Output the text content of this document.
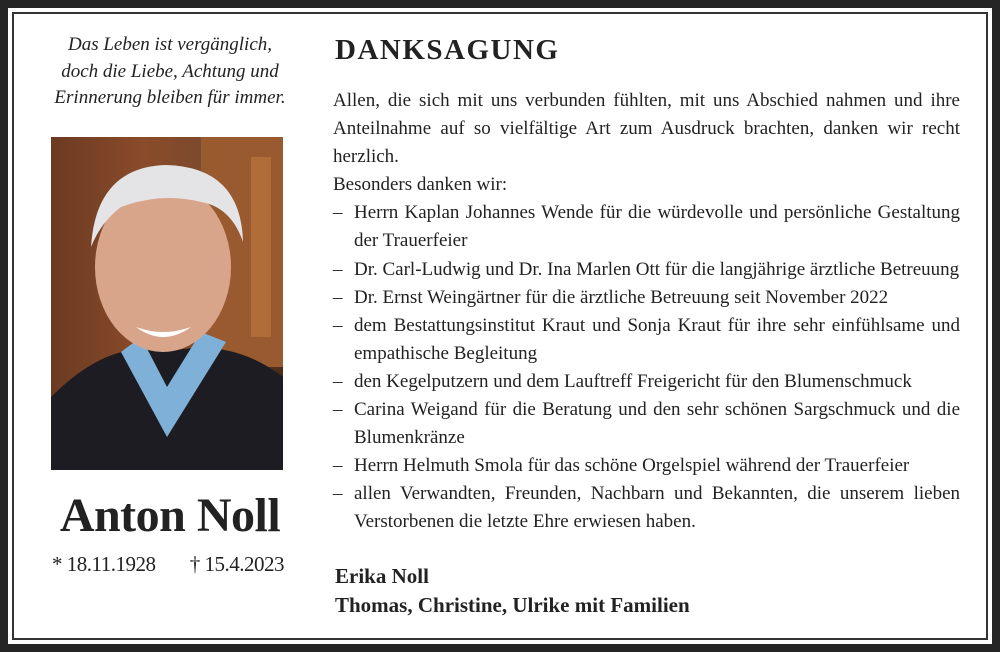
Das Leben ist vergänglich,
doch die Liebe, Achtung und
Erinnerung bleiben für immer.
Anton Noll
* 18.11.1928 † 15.4.2023
DANKSAGUNG
Allen, die sich mit uns verbunden fühlten, mit uns Abschied nahmen und ihre Anteilnahme auf so vielfältige Art zum Ausdruck brachten, danken wir recht herzlich.
Besonders danken wir:
– Herrn Kaplan Johannes Wende für die würdevolle und persönliche Gestaltung der Trauerfeier
– Dr. Carl-Ludwig und Dr. Ina Marlen Ott für die langjährige ärztliche Betreuung
– Dr. Ernst Weingärtner für die ärztliche Betreuung seit November 2022
– dem Bestattungsinstitut Kraut und Sonja Kraut für ihre sehr einfühlsame und empathische Begleitung
– den Kegelputzern und dem Lauftreff Freigericht für den Blumenschmuck
– Carina Weigand für die Beratung und den sehr schönen Sargschmuck und die Blumenkränze
– Herrn Helmuth Smola für das schöne Orgelspiel während der Trauerfeier
– allen Verwandten, Freunden, Nachbarn und Bekannten, die unserem lieben Verstorbenen die letzte Ehre erwiesen haben.
Erika Noll
Thomas, Christine, Ulrike mit Familien
